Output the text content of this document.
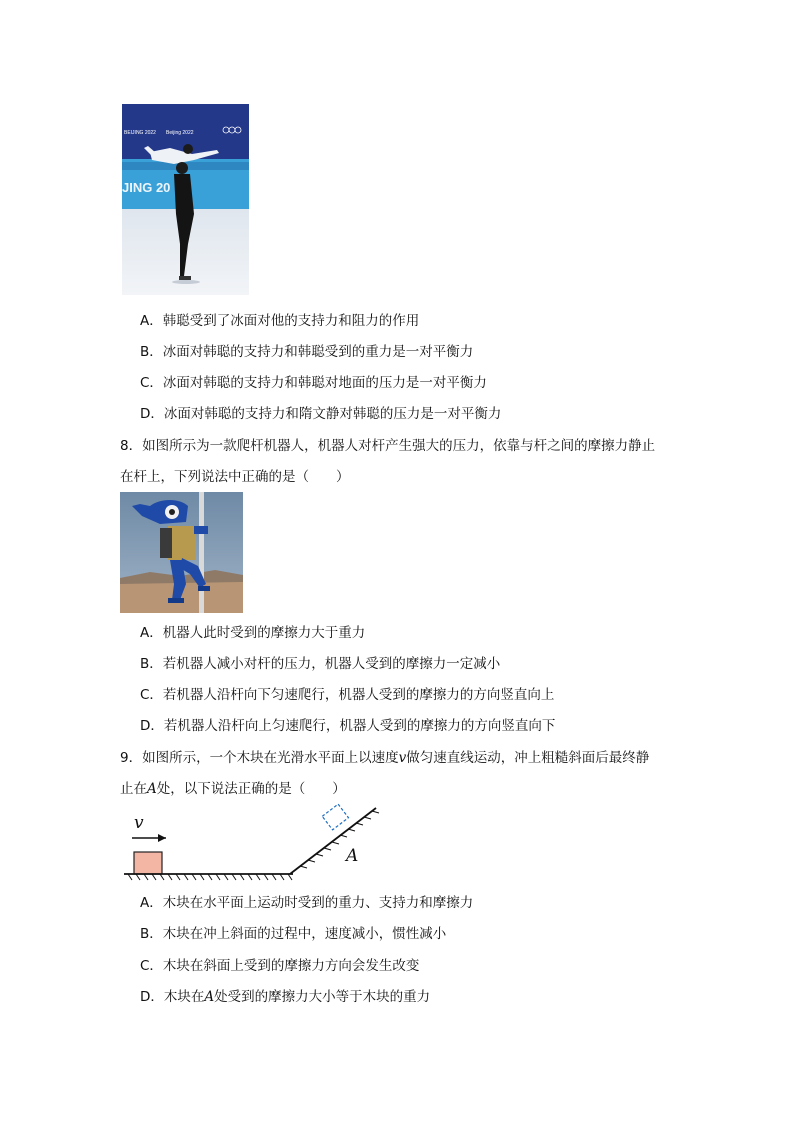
BEIJING 2022 Beijing 2022
JING 20
A．韩聪受到了冰面对他的支持力和阻力的作用
B．冰面对韩聪的支持力和韩聪受到的重力是一对平衡力
C．冰面对韩聪的支持力和韩聪对地面的压力是一对平衡力
D．冰面对韩聪的支持力和隋文静对韩聪的压力是一对平衡力
8．如图所示为一款爬杆机器人，机器人对杆产生强大的压力，依靠与杆之间的摩擦力静止
在杆上，下列说法中正确的是（　　）
A．机器人此时受到的摩擦力大于重力
B．若机器人减小对杆的压力，机器人受到的摩擦力一定减小
C．若机器人沿杆向下匀速爬行，机器人受到的摩擦力的方向竖直向上
D．若机器人沿杆向上匀速爬行，机器人受到的摩擦力的方向竖直向下
9．如图所示，一个木块在光滑水平面上以速度v做匀速直线运动，冲上粗糙斜面后最终静
止在A处，以下说法正确的是（　　）
v
A
A．木块在水平面上运动时受到的重力、支持力和摩擦力
B．木块在冲上斜面的过程中，速度减小，惯性减小
C．木块在斜面上受到的摩擦力方向会发生改变
D．木块在A处受到的摩擦力大小等于木块的重力
